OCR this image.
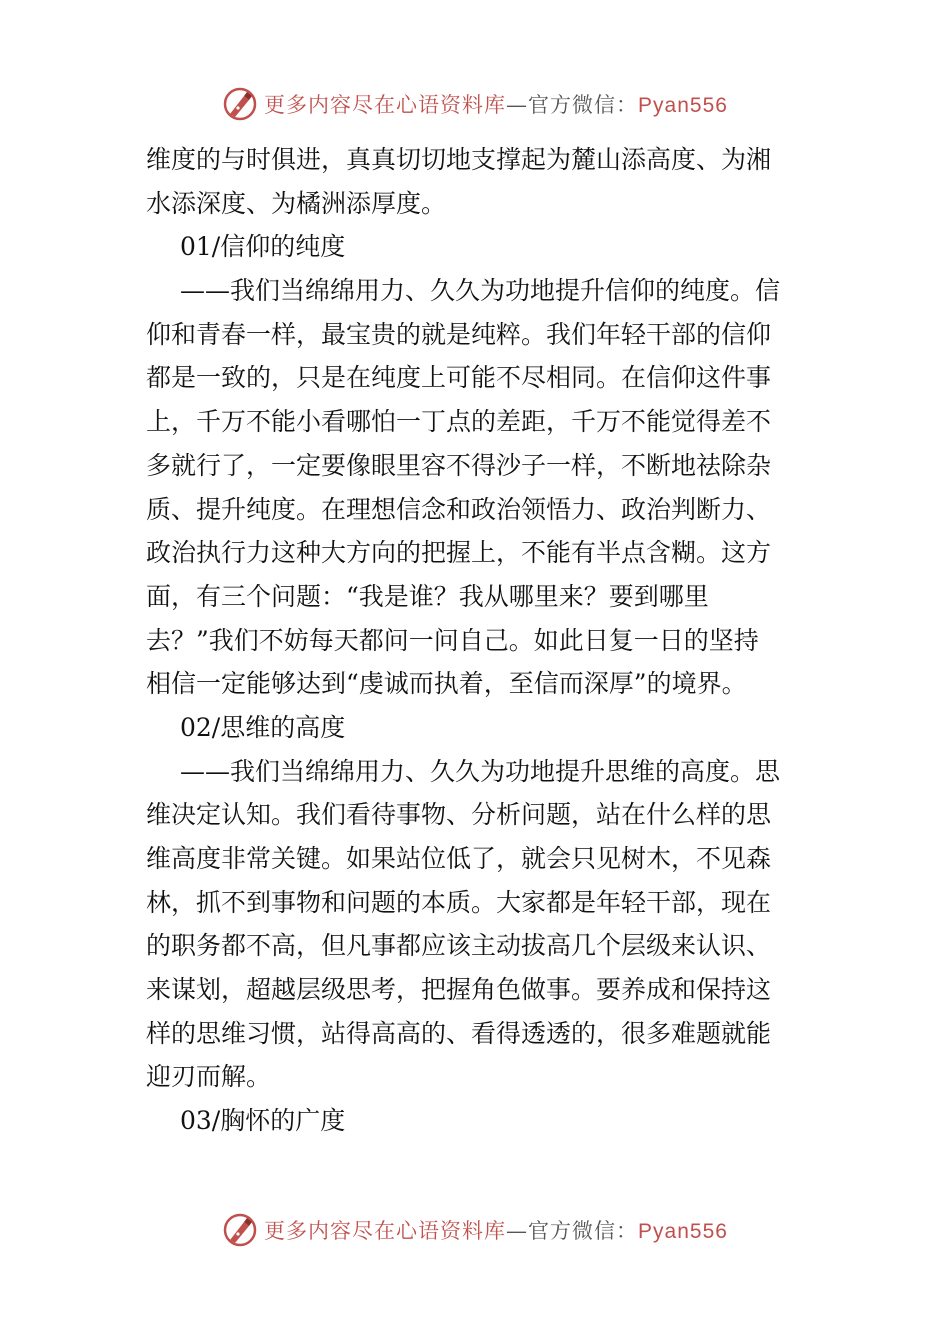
更多内容尽在心语资料库—官方微信：Pyan556
维度的与时俱进，真真切切地支撑起为麓山添高度、为湘
水添深度、为橘洲添厚度。
01/信仰的纯度
——我们当绵绵用力、久久为功地提升信仰的纯度。信
仰和青春一样，最宝贵的就是纯粹。我们年轻干部的信仰
都是一致的，只是在纯度上可能不尽相同。在信仰这件事
上，千万不能小看哪怕一丁点的差距，千万不能觉得差不
多就行了，一定要像眼里容不得沙子一样，不断地祛除杂
质、提升纯度。在理想信念和政治领悟力、政治判断力、
政治执行力这种大方向的把握上，不能有半点含糊。这方
面，有三个问题：“我是谁？我从哪里来？要到哪里
去？”我们不妨每天都问一问自己。如此日复一日的坚持
相信一定能够达到“虔诚而执着，至信而深厚”的境界。
02/思维的高度
——我们当绵绵用力、久久为功地提升思维的高度。思
维决定认知。我们看待事物、分析问题，站在什么样的思
维高度非常关键。如果站位低了，就会只见树木，不见森
林，抓不到事物和问题的本质。大家都是年轻干部，现在
的职务都不高，但凡事都应该主动拔高几个层级来认识、
来谋划，超越层级思考，把握角色做事。要养成和保持这
样的思维习惯，站得高高的、看得透透的，很多难题就能
迎刃而解。
03/胸怀的广度
更多内容尽在心语资料库—官方微信：Pyan556
